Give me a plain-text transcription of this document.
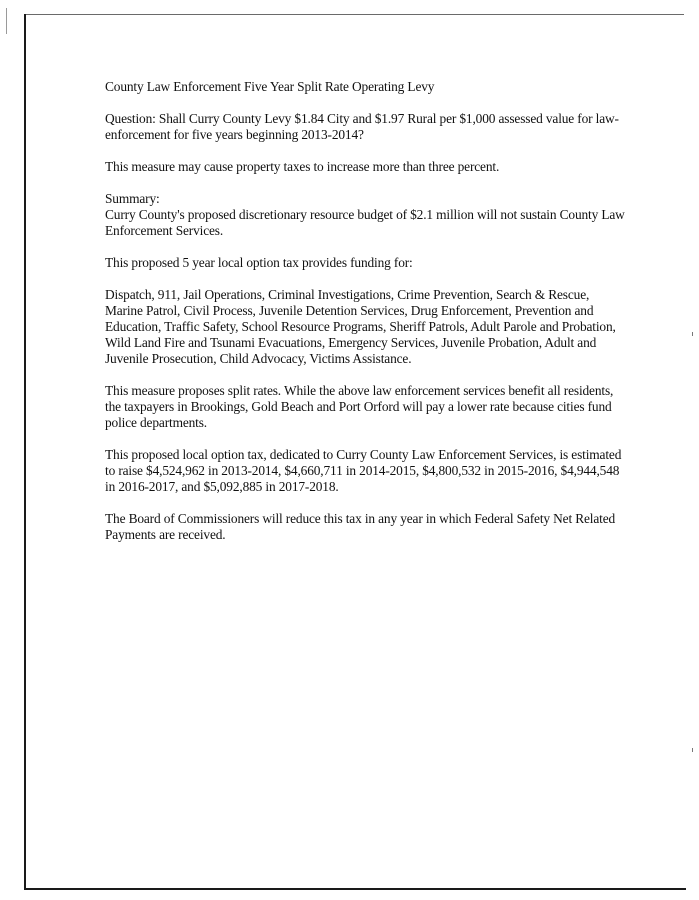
County Law Enforcement Five Year Split Rate Operating Levy

Question: Shall Curry County Levy $1.84 City and $1.97 Rural per $1,000 assessed value for law-enforcement for five years beginning 2013-2014?

This measure may cause property taxes to increase more than three percent.

Summary:
Curry County's proposed discretionary resource budget of $2.1 million will not sustain County Law Enforcement Services.

This proposed 5 year local option tax provides funding for:

Dispatch, 911, Jail Operations, Criminal Investigations, Crime Prevention, Search & Rescue, Marine Patrol, Civil Process, Juvenile Detention Services, Drug Enforcement, Prevention and Education, Traffic Safety, School Resource Programs, Sheriff Patrols, Adult Parole and Probation, Wild Land Fire and Tsunami Evacuations, Emergency Services, Juvenile Probation, Adult and Juvenile Prosecution, Child Advocacy, Victims Assistance.

This measure proposes split rates. While the above law enforcement services benefit all residents, the taxpayers in Brookings, Gold Beach and Port Orford will pay a lower rate because cities fund police departments.

This proposed local option tax, dedicated to Curry County Law Enforcement Services, is estimated to raise $4,524,962 in 2013-2014, $4,660,711 in 2014-2015, $4,800,532 in 2015-2016, $4,944,548 in 2016-2017, and $5,092,885 in 2017-2018.

The Board of Commissioners will reduce this tax in any year in which Federal Safety Net Related Payments are received.
